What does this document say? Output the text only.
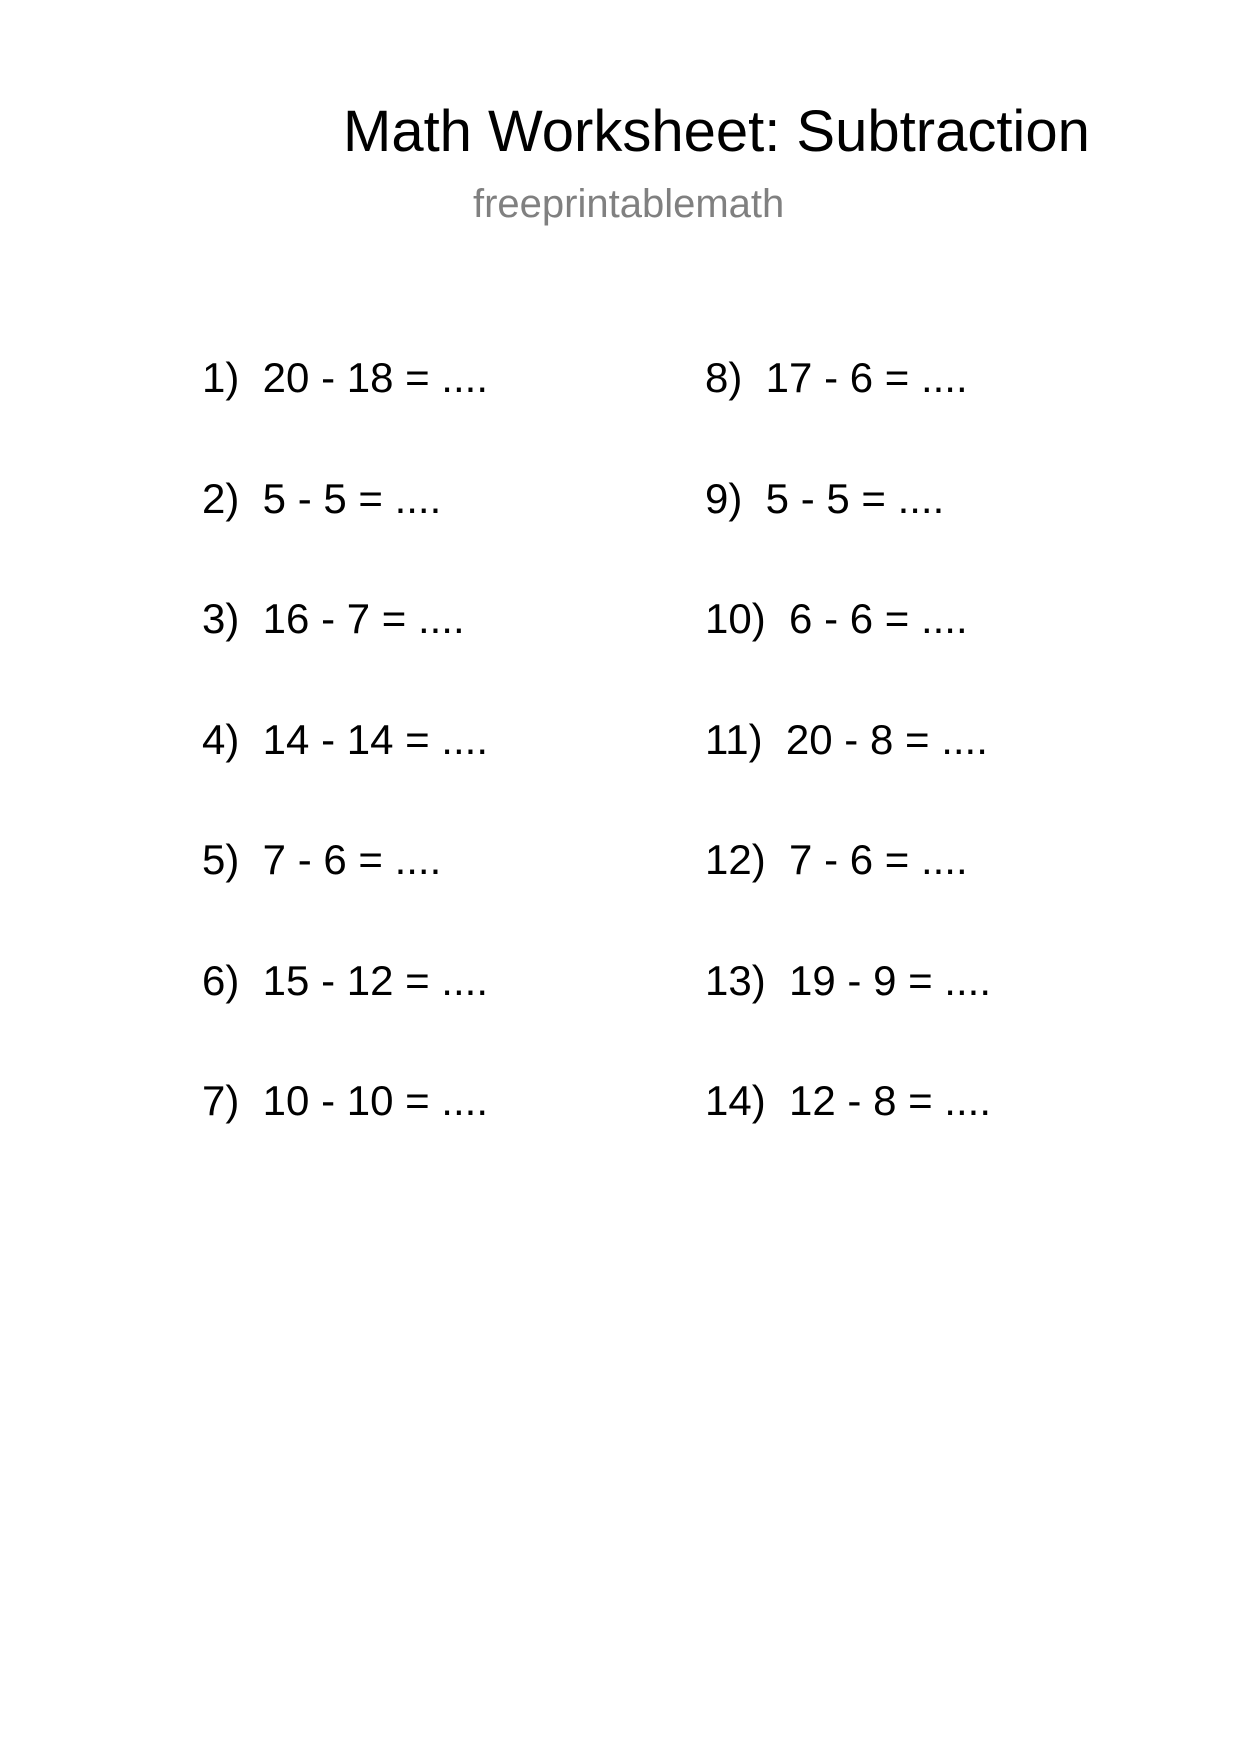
Math Worksheet: Subtraction
freeprintablemath
1)  20 - 18 = ....
2)  5 - 5 = ....
3)  16 - 7 = ....
4)  14 - 14 = ....
5)  7 - 6 = ....
6)  15 - 12 = ....
7)  10 - 10 = ....
8)  17 - 6 = ....
9)  5 - 5 = ....
10)  6 - 6 = ....
11)  20 - 8 = ....
12)  7 - 6 = ....
13)  19 - 9 = ....
14)  12 - 8 = ....
